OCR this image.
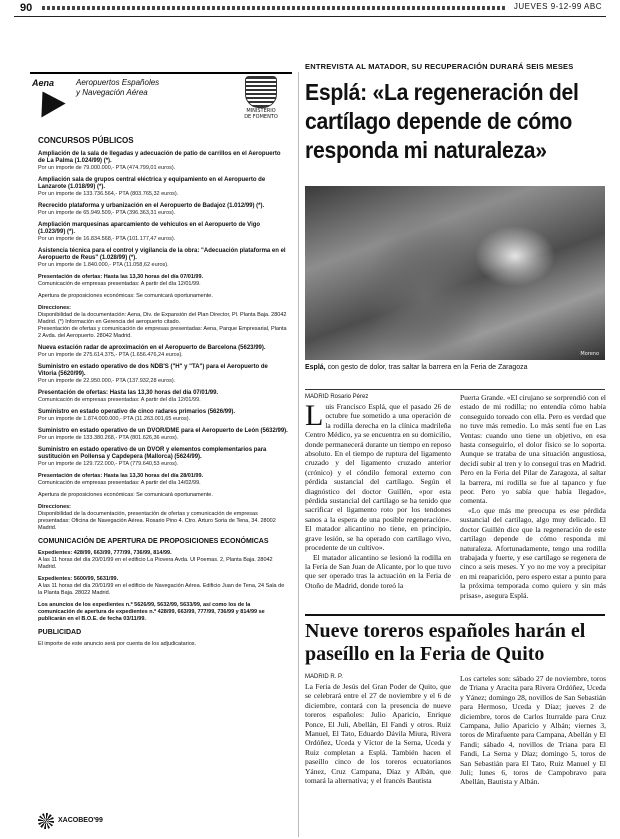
90	JUEVES 9-12-99 ABC
Aena	Aeropuertos Españoles
y Navegación Aérea
MINISTERIO
DE FOMENTO
CONCURSOS PÚBLICOS
Ampliación de la sala de llegadas y adecuación de patio de carrillos en el Aeropuerto de La Palma (1.024/99) (*).
Por un importe de 79.000.000,- PTA (474.799,01 euros).
Ampliación sala de grupos central eléctrica y equipamiento en el Aeropuerto de Lanzarote (1.018/99) (*).
Por un importe de 133.736.564,- PTA (803.765,32 euros).
Recrecido plataforma y urbanización en el Aeropuerto de Badajoz (1.012/99) (*).
Por un importe de 65.949.509,- PTA (396.363,31 euros).
Ampliación marquesinas aparcamiento de vehículos en el Aeropuerto de Vigo (1.023/99) (*).
Por un importe de 16.834.568,- PTA (101.177,47 euros).
Asistencia técnica para el control y vigilancia de la obra: "Adecuación plataforma en el Aeropuerto de Reus" (1.028/99) (*).
Por un importe de 1.840.000,- PTA (11.058,62 euros).
Presentación de ofertas: Hasta las 13,30 horas del día 07/01/99.
Comunicación de empresas presentadas: A partir del día 12/01/99.
Apertura de proposiciones económicas: Se comunicará oportunamente.
Direcciones:
Disponibilidad de la documentación: Aena, Div. de Expansión del Plan Director, Pl. Planta Baja. 28042 Madrid. (*) Información en Gerencia del aeropuerto citado.
Presentación de ofertas y comunicación de empresas presentadas: Aena, Parque Empresarial, Planta 2 Avda. del Aeropuerto. 28042 Madrid.
Nueva estación radar de aproximación en el Aeropuerto de Barcelona (5623/99).
Por un importe de 275.614.375,- PTA (1.656.476,24 euros).
Suministro en estado operativo de dos NDB'S ("H" y "TA") para el Aeropuerto de Vitoria (5620/99).
Por un importe de 22.950.000,- PTA (137.932,28 euros).
Presentación de ofertas: Hasta las 13,30 horas del día 07/01/99.
Comunicación de empresas presentadas: A partir del día 12/01/99.
Suministro en estado operativo de cinco radares primarios (5626/99).
Por un importe de 1.874.000.000,- PTA (11.263.001,65 euros).
Suministro en estado operativo de un DVOR/DME para el Aeropuerto de León (5632/99).
Por un importe de 133.380.268,- PTA (801.626,36 euros).
Suministro en estado operativo de un DVOR y elementos complementarios para sustitución en Pollensa y Capdepera (Mallorca) (5624/99).
Por un importe de 129.722.000,- PTA (779.640,53 euros).
Presentación de ofertas: Hasta las 13,30 horas del día 28/01/99.
Comunicación de empresas presentadas: A partir del día 14/02/99.
Apertura de proposiciones económicas: Se comunicará oportunamente.
Direcciones:
Disponibilidad de la documentación, presentación de ofertas y comunicación de empresas presentadas: Oficina de Navegación Aérea. Rosario Pino 4. Ctro. Arturo Soria de Tena, 34. 28002 Madrid.
COMUNICACIÓN DE APERTURA DE PROPOSICIONES ECONÓMICAS
Expedientes: 428/99, 663/99, 777/99, 736/99, 814/99.
A las 11 horas del día 20/01/99 en el edificio La Piovera Avda. Ul Poemas. 2, Planta Baja. 28042 Madrid.
Expedientes: 5600/99, 5631/99.
A las 11 horas del día 20/01/99 en el edificio de Navegación Aérea. Edificio Juan de Tena, 24 Sala de la Planta Baja. 28022 Madrid.
Los anuncios de los expedientes n.º 5626/99, 5632/99, 5633/99, así como los de la comunicación de apertura de expedientes n.º 428/99, 663/99, 777/99, 736/99 y 814/99 se publicarán en el B.O.E. de fecha 03/11/99.
PUBLICIDAD
El importe de este anuncio será por cuenta de los adjudicatarios.
XACOBEO'99
ENTREVISTA AL MATADOR, SU RECUPERACIÓN DURARÁ SEIS MESES
Esplá: «La regeneración del cartílago depende de cómo responda mi naturaleza»
Moreno
Esplá, con gesto de dolor, tras saltar la barrera en la Feria de Zaragoza
MADRID Rosario Pérez
Luis Francisco Esplá, que el pasado 26 de octubre fue sometido a una operación de la rodilla derecha en la clínica madrileña Centro Médico, ya se encuentra en su domicilio, donde permanecerá durante un tiempo en reposo absoluto. En el tiempo de ruptura del ligamento cruzado y del ligamento cruzado anterior (crónico) y el cóndilo femoral externo con pérdida sustancial del cartílago. Según el diagnóstico del doctor Guillén, «por esta pérdida sustancial del cartílago se ha tenido que sacrificar el ligamento roto por los tendones sanos a la espera de una posible regeneración». El matador alicantino no tiene, en principio, grave lesión, se ha operado con cartílago vivo, procedente de un cultivo».
El matador alicantino se lesionó la rodilla en la Feria de San Juan de Alicante, por lo que tuvo que ser operado tras la actuación en la Feria de Otoño de Madrid, donde toreó la
Puerta Grande. «El cirujano se sorprendió con el estado de mi rodilla; no entendía cómo había conseguido toreado con ella. Pero es verdad que no tuve más remedio. Lo más sentí fue en Las Ventas: cuando uno tiene un objetivo, en esa hasta conseguirlo, el dolor físico se lo soporta. Aunque se trataba de una situación angustiosa, decidí subir al tren y lo conseguí tras en Madrid. Pero en la Feria del Pilar de Zaragoza, al saltar la barrera, mi rodilla se fue al tapanco y fue peor. Pero yo sabía que había llegado», comenta.
«Lo que más me preocupa es ese pérdida sustancial del cartílago, algo muy delicado. El doctor Guillén dice que la regeneración de este cartílago depende de cómo responda mi naturaleza. Afortunadamente, tengo una rodilla trabajada y fuerte, y ese cartílago se regenera de cinco a seis meses. Y yo no me voy a precipitar en mi reaparición, pero espero estar a punto para la próxima temporada como quiero y sin más prisas», asegura Esplá.
Nueve toreros españoles harán el paseíllo en la Feria de Quito
MADRID R. P.
La Feria de Jesús del Gran Poder de Quito, que se celebrará entre el 27 de noviembre y el 6 de diciembre, contará con la presencia de nueve toreros españoles: Julio Aparicio, Enrique Ponce, El Juli, Abellán, El Fandi y otros. Ruiz Manuel, El Tato, Eduardo Dávila Miura, Rivera Ordóñez, Uceda y Víctor de la Serna, Uceda y Ruiz completan a Esplá. También hacen el paseíllo cinco de los toreros ecuatorianos Yánez, Cruz Campana, Díaz y Albán, que tomará la alternativa; y el francés Bautista
Los carteles son: sábado 27 de noviembre, toros de Triana y Aracita para Rivera Ordóñez, Uceda y Yánez; domingo 28, novillos de San Sebastián para Hermoso, Uceda y Díaz; jueves 2 de diciembre, toros de Carlos Iturralde para Cruz Campana, Julio Aparicio y Albán; viernes 3, toros de Mirafuente para Campana, Abellán y El Fandi; sábado 4, novillos de Triana para El Fandi, La Serna y Díaz; domingo 5, toros de San Sebastián para El Tato, Ruiz Manuel y El Juli; lunes 6, toros de Campobravo para Abellán, Bautista y Albán.
